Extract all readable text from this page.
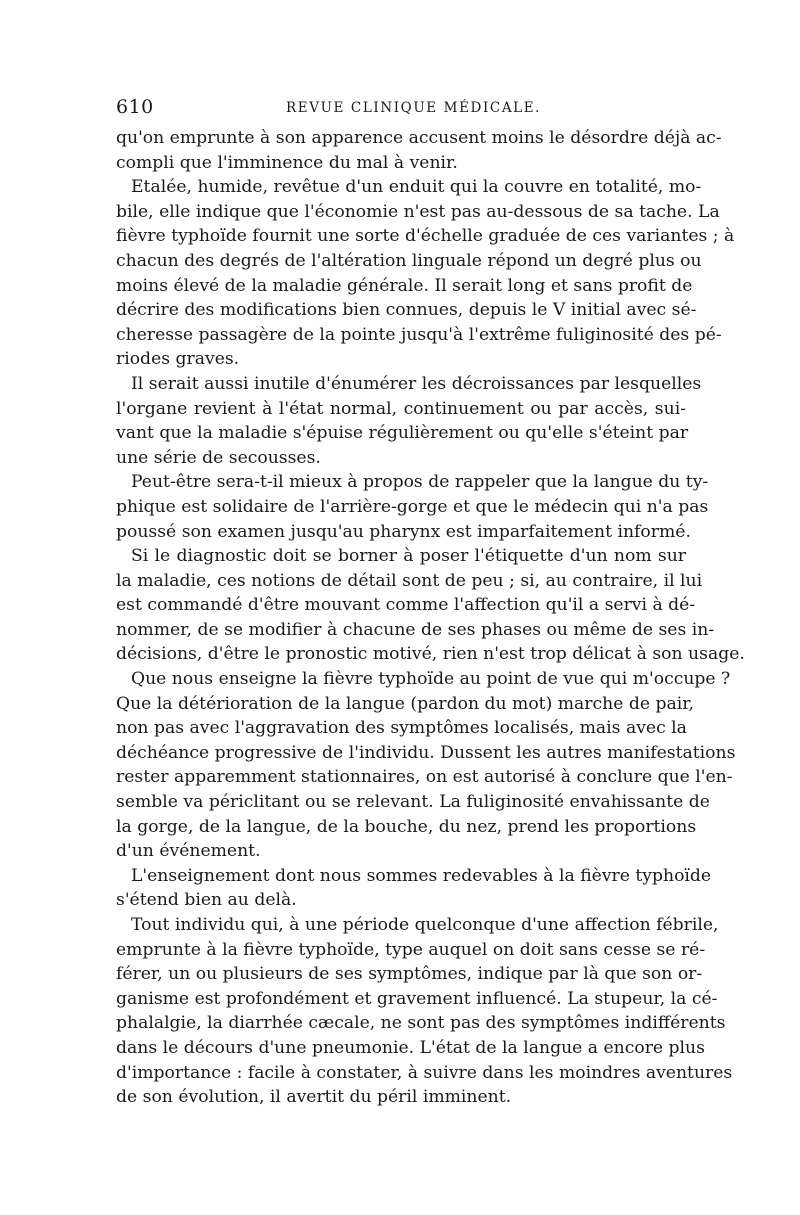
610	REVUE CLINIQUE MÉDICALE.
qu'on emprunte à son apparence accusent moins le désordre déjà ac-
compli que l'imminence du mal à venir.
Etalée, humide, revêtue d'un enduit qui la couvre en totalité, mo-
bile, elle indique que l'économie n'est pas au-dessous de sa tache. La
fièvre typhoïde fournit une sorte d'échelle graduée de ces variantes ; à
chacun des degrés de l'altération linguale répond un degré plus ou
moins élevé de la maladie générale. Il serait long et sans profit de
décrire des modifications bien connues, depuis le V initial avec sé-
cheresse passagère de la pointe jusqu'à l'extrême fuliginosité des pé-
riodes graves.
Il serait aussi inutile d'énumérer les décroissances par lesquelles
l'organe revient à l'état normal, continuement ou par accès, sui-
vant que la maladie s'épuise régulièrement ou qu'elle s'éteint par
une série de secousses.
Peut-être sera-t-il mieux à propos de rappeler que la langue du ty-
phique est solidaire de l'arrière-gorge et que le médecin qui n'a pas
poussé son examen jusqu'au pharynx est imparfaitement informé.
Si le diagnostic doit se borner à poser l'étiquette d'un nom sur
la maladie, ces notions de détail sont de peu ; si, au contraire, il lui
est commandé d'être mouvant comme l'affection qu'il a servi à dé-
nommer, de se modifier à chacune de ses phases ou même de ses in-
décisions, d'être le pronostic motivé, rien n'est trop délicat à son usage.
Que nous enseigne la fièvre typhoïde au point de vue qui m'occupe ?
Que la détérioration de la langue (pardon du mot) marche de pair,
non pas avec l'aggravation des symptômes localisés, mais avec la
déchéance progressive de l'individu. Dussent les autres manifestations
rester apparemment stationnaires, on est autorisé à conclure que l'en-
semble va périclitant ou se relevant. La fuliginosité envahissante de
la gorge, de la langue, de la bouche, du nez, prend les proportions
d'un événement.
L'enseignement dont nous sommes redevables à la fièvre typhoïde
s'étend bien au delà.
Tout individu qui, à une période quelconque d'une affection fébrile,
emprunte à la fièvre typhoïde, type auquel on doit sans cesse se ré-
férer, un ou plusieurs de ses symptômes, indique par là que son or-
ganisme est profondément et gravement influencé. La stupeur, la cé-
phalalgie, la diarrhée cæcale, ne sont pas des symptômes indifférents
dans le décours d'une pneumonie. L'état de la langue a encore plus
d'importance : facile à constater, à suivre dans les moindres aventures
de son évolution, il avertit du péril imminent.
